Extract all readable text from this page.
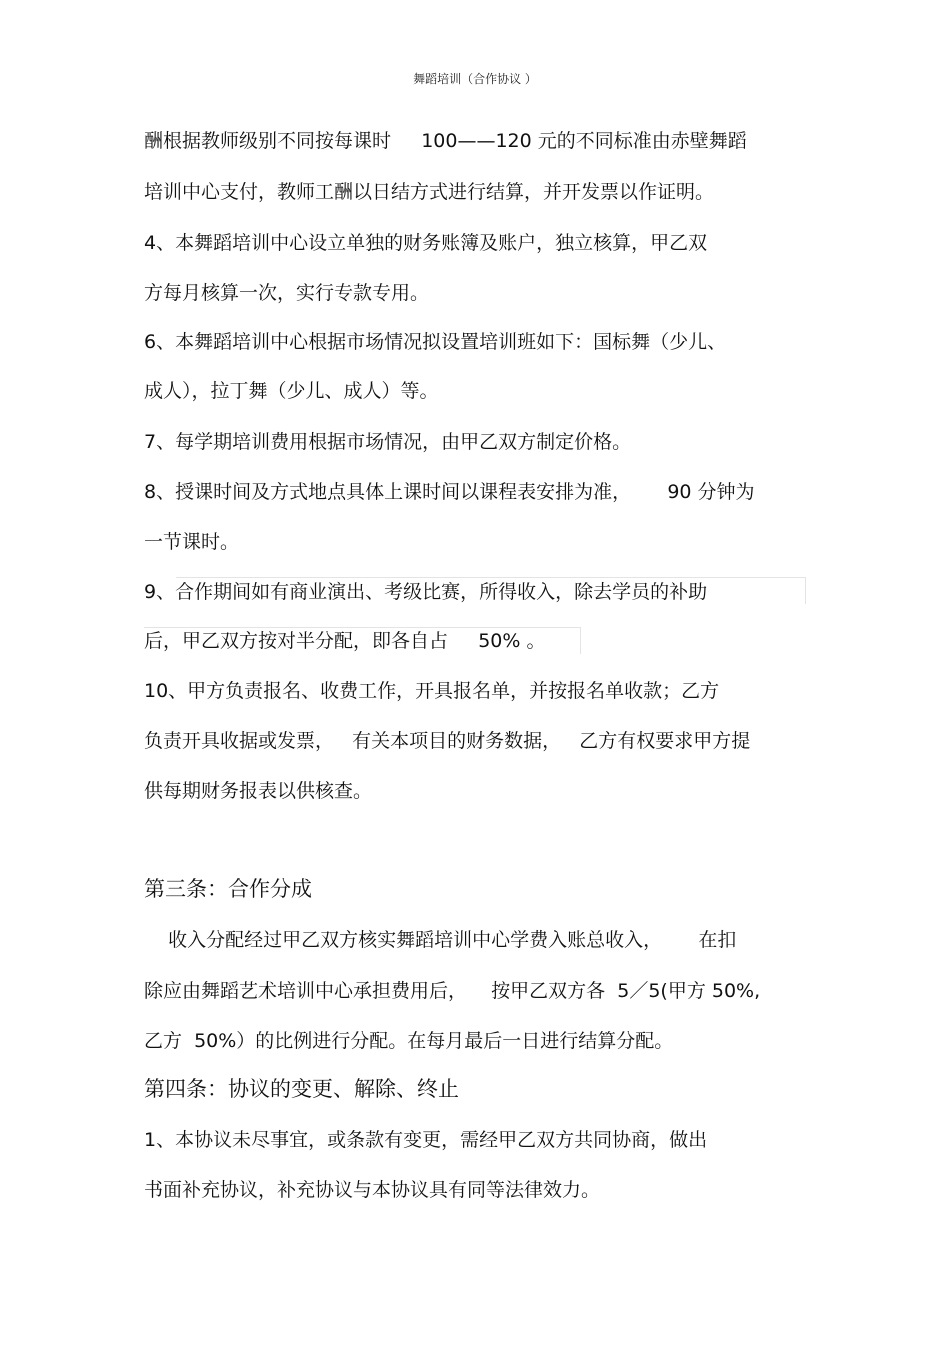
舞蹈培训（合作协议 ）
酬根据教师级别不同按每课时     100——120 元的不同标准由赤壁舞蹈
培训中心支付，教师工酬以日结方式进行结算，并开发票以作证明。
4、本舞蹈培训中心设立单独的财务账簿及账户，独立核算，甲乙双
方每月核算一次，实行专款专用。
6、本舞蹈培训中心根据市场情况拟设置培训班如下：国标舞（少儿、
成人），拉丁舞（少儿、成人）等。
7、每学期培训费用根据市场情况，由甲乙双方制定价格。
8、授课时间及方式地点具体上课时间以课程表安排为准，      90 分钟为
一节课时。
9、合作期间如有商业演出、考级比赛，所得收入，除去学员的补助
后，甲乙双方按对半分配，即各自占     50% 。
10、甲方负责报名、收费工作，开具报名单，并按报名单收款；乙方
负责开具收据或发票，   有关本项目的财务数据，   乙方有权要求甲方提
供每期财务报表以供核查。
第三条：合作分成
收入分配经过甲乙双方核实舞蹈培训中心学费入账总收入，      在扣
除应由舞蹈艺术培训中心承担费用后，    按甲乙双方各  5／5(甲方 50%,
乙方  50%）的比例进行分配。在每月最后一日进行结算分配。
第四条：协议的变更、解除、终止
1、本协议未尽事宜，或条款有变更，需经甲乙双方共同协商，做出
书面补充协议，补充协议与本协议具有同等法律效力。
